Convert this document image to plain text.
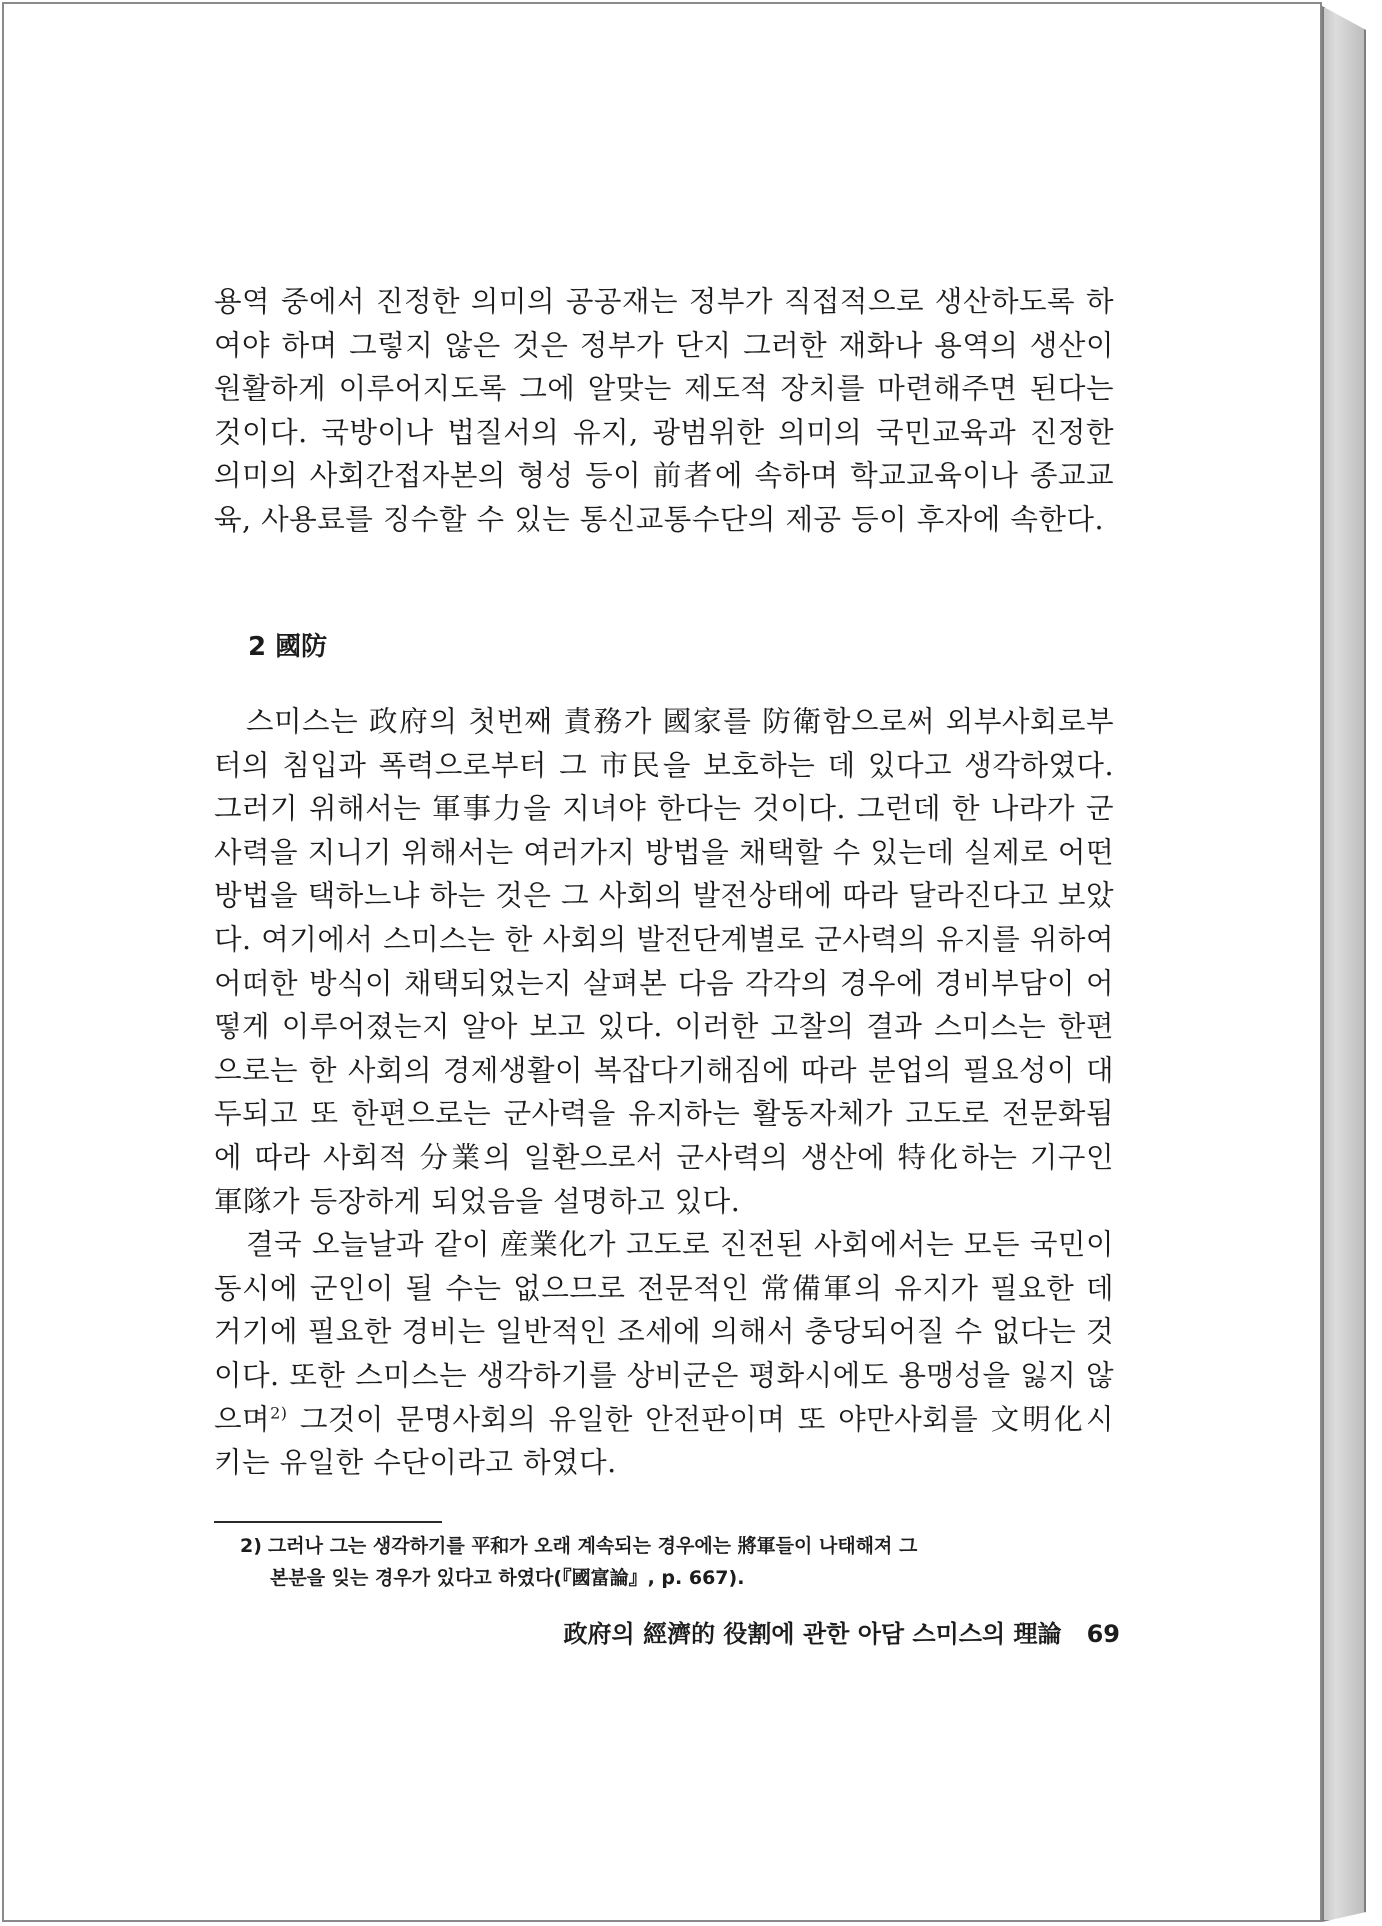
용역 중에서 진정한 의미의 공공재는 정부가 직접적으로 생산하도록 하여야 하며 그렇지 않은 것은 정부가 단지 그러한 재화나 용역의 생산이 원활하게 이루어지도록 그에 알맞는 제도적 장치를 마련해주면 된다는 것이다. 국방이나 법질서의 유지, 광범위한 의미의 국민교육과 진정한 의미의 사회간접자본의 형성 등이 前者에 속하며 학교교육이나 종교교육, 사용료를 징수할 수 있는 통신교통수단의 제공 등이 후자에 속한다.

2 國防

스미스는 政府의 첫번째 責務가 國家를 防衛함으로써 외부사회로부터의 침입과 폭력으로부터 그 市民을 보호하는 데 있다고 생각하였다. 그러기 위해서는 軍事力을 지녀야 한다는 것이다. 그런데 한 나라가 군사력을 지니기 위해서는 여러가지 방법을 채택할 수 있는데 실제로 어떤 방법을 택하느냐 하는 것은 그 사회의 발전상태에 따라 달라진다고 보았다. 여기에서 스미스는 한 사회의 발전단계별로 군사력의 유지를 위하여 어떠한 방식이 채택되었는지 살펴본 다음 각각의 경우에 경비부담이 어떻게 이루어졌는지 알아 보고 있다. 이러한 고찰의 결과 스미스는 한편으로는 한 사회의 경제생활이 복잡다기해짐에 따라 분업의 필요성이 대두되고 또 한편으로는 군사력을 유지하는 활동자체가 고도로 전문화됨에 따라 사회적 分業의 일환으로서 군사력의 생산에 特化하는 기구인 軍隊가 등장하게 되었음을 설명하고 있다.

결국 오늘날과 같이 産業化가 고도로 진전된 사회에서는 모든 국민이 동시에 군인이 될 수는 없으므로 전문적인 常備軍의 유지가 필요한 데 거기에 필요한 경비는 일반적인 조세에 의해서 충당되어질 수 없다는 것이다. 또한 스미스는 생각하기를 상비군은 평화시에도 용맹성을 잃지 않으며$^{2)}$ 그것이 문명사회의 유일한 안전판이며 또 야만사회를 文明化시키는 유일한 수단이라고 하였다.

2) 그러나 그는 생각하기를 平和가 오래 계속되는 경우에는 將軍들이 나태해져 그
본분을 잊는 경우가 있다고 하였다(『國富論』, p. 667).

政府의 經濟的 役割에 관한 아담 스미스의 理論 69
